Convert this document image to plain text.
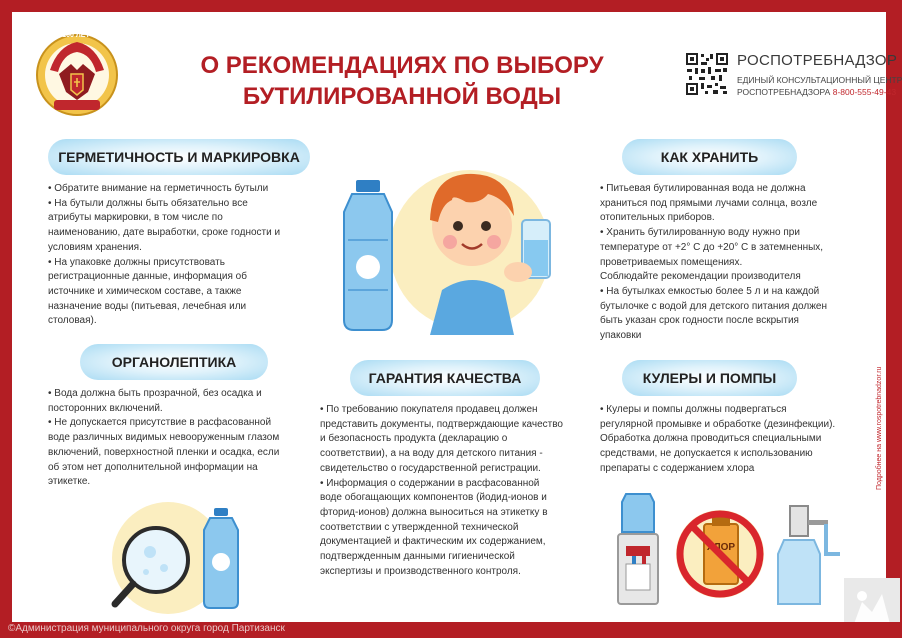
100 ЛЕТ
О РЕКОМЕНДАЦИЯХ ПО ВЫБОРУ
БУТИЛИРОВАННОЙ ВОДЫ
РОСПОТРЕБНАДЗОР
ЕДИНЫЙ КОНСУЛЬТАЦИОННЫЙ ЦЕНТР
РОСПОТРЕБНАДЗОРА 8-800-555-49-43
ГЕРМЕТИЧНОСТЬ И МАРКИРОВКА	КАК ХРАНИТЬ
ОРГАНОЛЕПТИКА
ГАРАНТИЯ КАЧЕСТВА	КУЛЕРЫ И ПОМПЫ
• Обратите внимание на герметичность бутыли
• На бутыли должны быть обязательно все
атрибуты маркировки, в том числе по
наименованию, дате выработки, сроке годности и
условиям хранения.
• На упаковке должны присутствовать
регистрационные данные, информация об
источнике и химическом составе, а также
назначение воды (питьевая, лечебная или
столовая).
• Вода должна быть прозрачной, без осадка и
посторонних включений.
• Не допускается присутствие в расфасованной
воде различных видимых невооруженным глазом
включений, поверхностной пленки и осадка, если
об этом нет дополнительной информации на
этикетке.
• По требованию покупателя продавец должен
представить документы, подтверждающие качество
и безопасность продукта (декларацию о
соответствии), а на воду для детского питания -
свидетельство о государственной регистрации.
• Информация о содержании в расфасованной
воде обогащающих компонентов (йодид-ионов и
фторид-ионов) должна выноситься на этикетку в
соответствии с утвержденной технической
документацией и фактическим их содержанием,
подтвержденным данными гигиенической
экспертизы и производственного контроля.
• Питьевая бутилированная вода не должна
храниться под прямыми лучами солнца, возле
отопительных приборов.
• Хранить бутилированную воду нужно при
температуре от +2° С до +20° С в затемненных,
проветриваемых помещениях.
Соблюдайте рекомендации производителя
• На бутылках емкостью более 5 л и на каждой
бутылочке с водой для детского питания должен
быть указан срок годности после вскрытия
упаковки
• Кулеры и помпы должны подвергаться
регулярной промывке и обработке (дезинфекции).
Обработка должна проводиться специальными
средствами, не допускается к использованию
препараты с содержанием хлора
ХЛОР
Подробнее на www.rospotrebnadzor.ru
©Администрация муниципального округа город Партизанск
